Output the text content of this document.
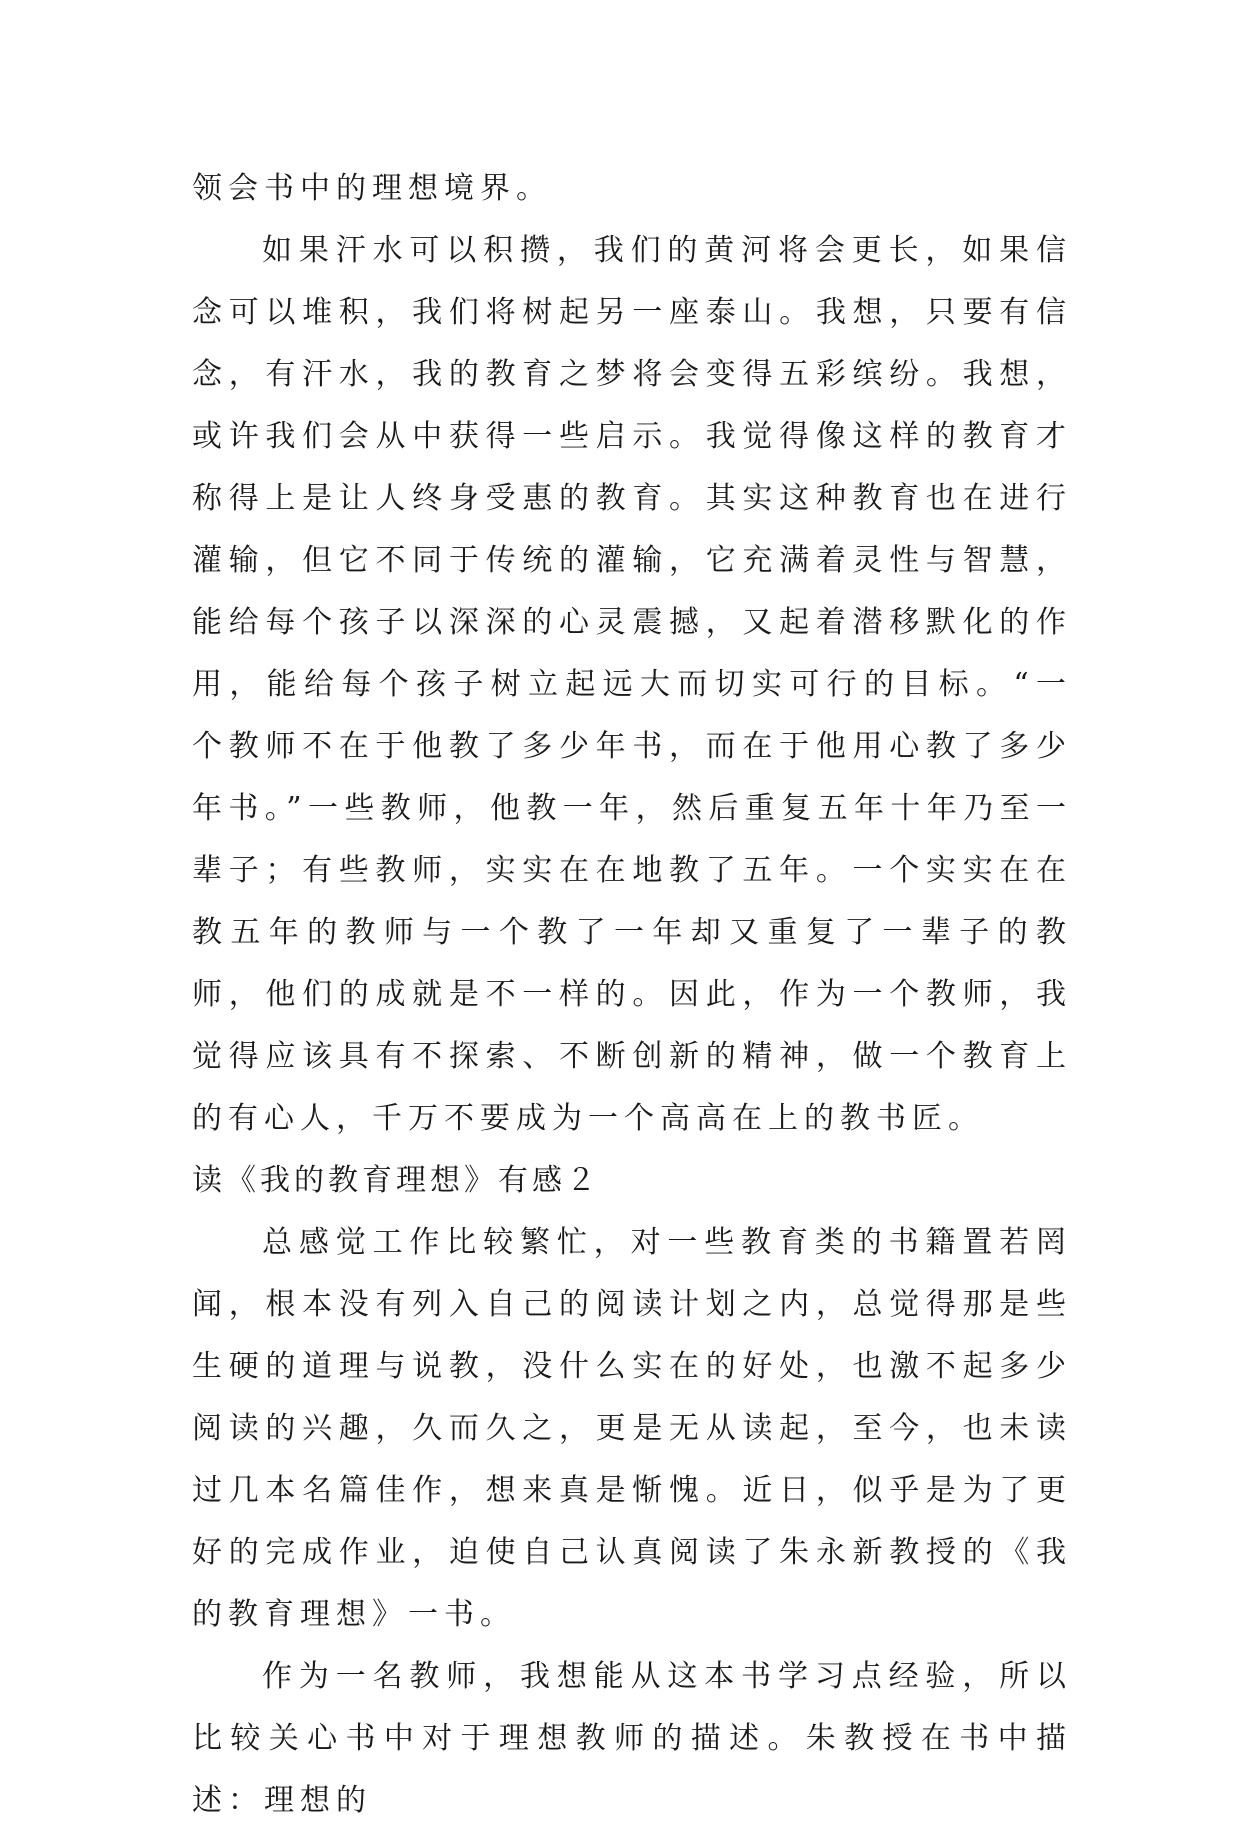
领会书中的理想境界。

如果汗水可以积攒，我们的黄河将会更长，如果信念可以堆积，我们将树起另一座泰山。我想，只要有信念，有汗水，我的教育之梦将会变得五彩缤纷。我想，或许我们会从中获得一些启示。我觉得像这样的教育才称得上是让人终身受惠的教育。其实这种教育也在进行灌输，但它不同于传统的灌输，它充满着灵性与智慧，能给每个孩子以深深的心灵震撼，又起着潜移默化的作用，能给每个孩子树立起远大而切实可行的目标。“一个教师不在于他教了多少年书，而在于他用心教了多少年书。”一些教师，他教一年，然后重复五年十年乃至一辈子；有些教师，实实在在地教了五年。一个实实在在教五年的教师与一个教了一年却又重复了一辈子的教师，他们的成就是不一样的。因此，作为一个教师，我觉得应该具有不探索、不断创新的精神，做一个教育上的有心人，千万不要成为一个高高在上的教书匠。

读《我的教育理想》有感２

总感觉工作比较繁忙，对一些教育类的书籍置若罔闻，根本没有列入自己的阅读计划之内，总觉得那是些生硬的道理与说教，没什么实在的好处，也激不起多少阅读的兴趣，久而久之，更是无从读起，至今，也未读过几本名篇佳作，想来真是惭愧。近日，似乎是为了更好的完成作业，迫使自己认真阅读了朱永新教授的《我的教育理想》一书。

作为一名教师，我想能从这本书学习点经验，所以比较关心书中对于理想教师的描述。朱教授在书中描述：理想的
